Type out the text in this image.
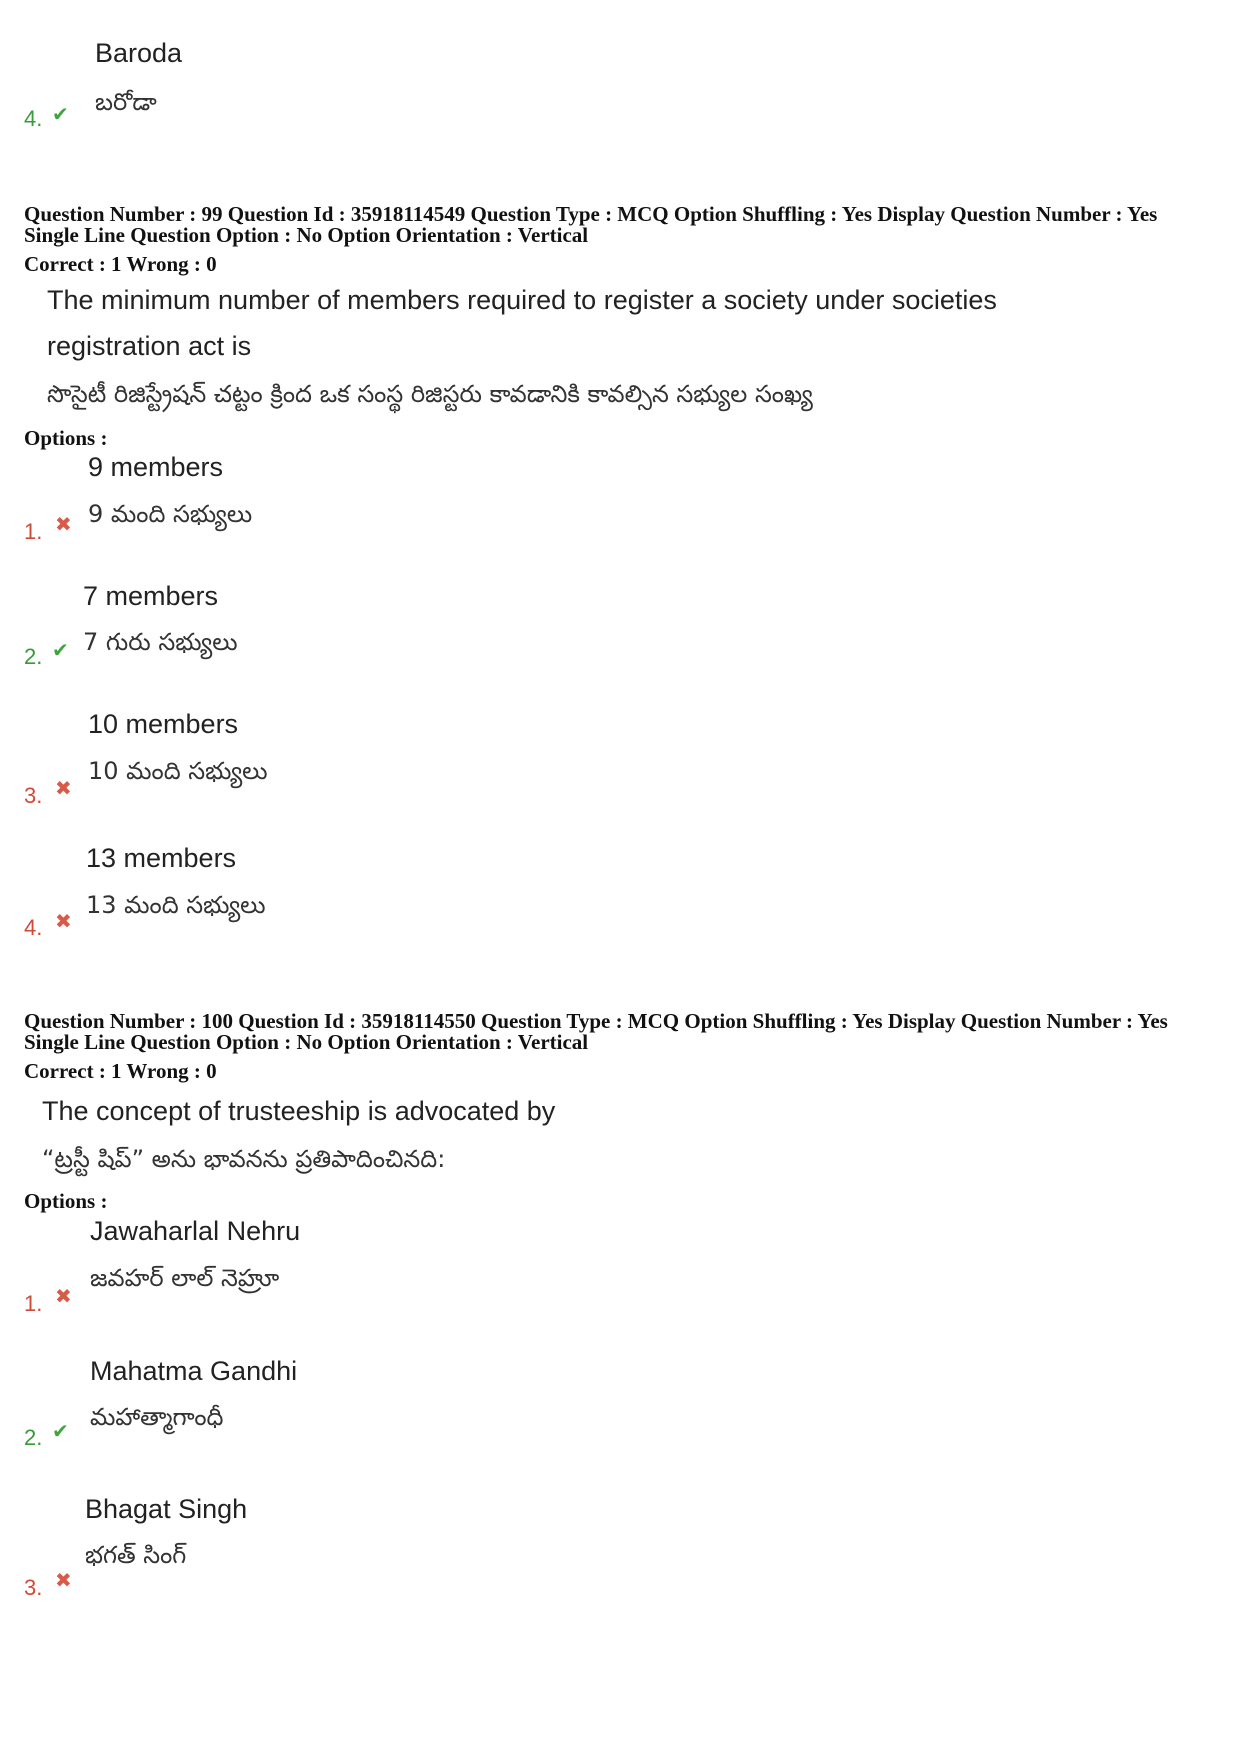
Baroda
బరోడా
4. ✔
Question Number : 99 Question Id : 35918114549 Question Type : MCQ Option Shuffling : Yes Display Question Number : Yes
Single Line Question Option : No Option Orientation : Vertical
Correct : 1 Wrong : 0
The minimum number of members required to register a society under societies
registration act is
సొసైటీ రిజిస్ట్రేషన్ చట్టం క్రింద ఒక సంస్థ రిజిస్టరు కావడానికి కావల్సిన సభ్యుల సంఖ్య
Options :
9 members
9 మంది సభ్యులు
1. ✖
7 members
7 గురు సభ్యులు
2. ✔
10 members
10 మంది సభ్యులు
3. ✖
13 members
13 మంది సభ్యులు
4. ✖
Question Number : 100 Question Id : 35918114550 Question Type : MCQ Option Shuffling : Yes Display Question Number : Yes
Single Line Question Option : No Option Orientation : Vertical
Correct : 1 Wrong : 0
The concept of trusteeship is advocated by
“ట్రస్టీ షిప్” అను భావనను ప్రతిపాదించినది:
Options :
Jawaharlal Nehru
జవహర్ లాల్ నెహ్రూ
1. ✖
Mahatma Gandhi
మహాత్మాగాంధీ
2. ✔
Bhagat Singh
భగత్ సింగ్
3. ✖
